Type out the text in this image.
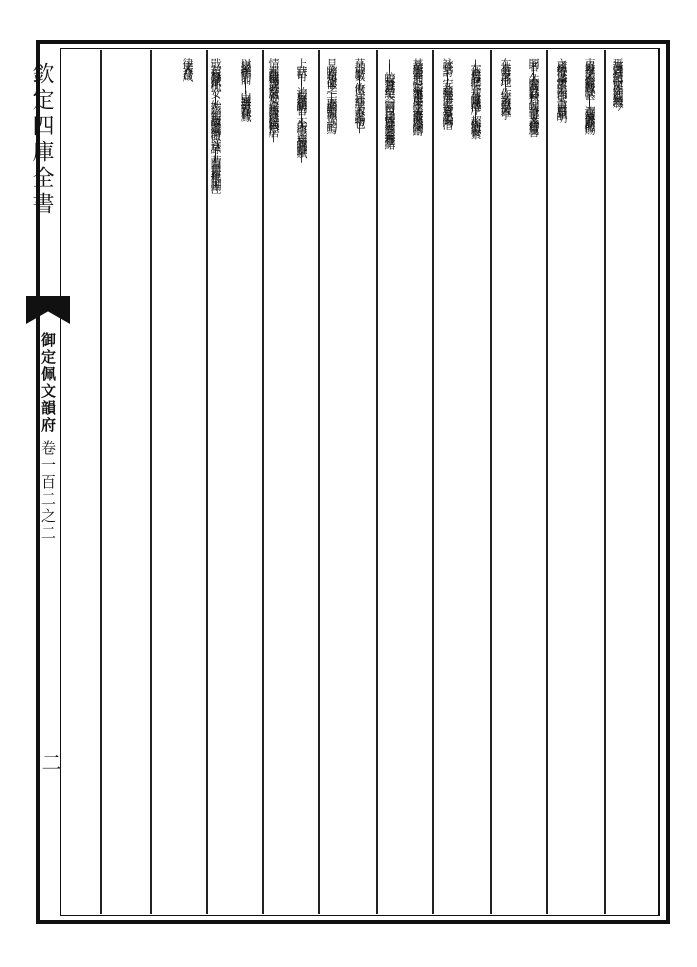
欽定四庫全書
御定佩文韻府
卷一百二之二
二
焉漢書宣帝紀詔曰文王作罰刑茲無赦今
吏脩身奉法未有能稱朕意朕甚|| 潤焉漢書嚴助傳賜
之廬勞侍從之事懷故土出為郡吏 書曰君厭承明
問者||久不聞問具以春秋對 魄焉晉書天文志會稽虞喜
在上有常安之形地| 作安天論以為天確乎
|在下有居靜之體 介焉晉書隱逸傳序||超俗浩然養素
詠貧士詩||安 藏聲江海之上卷迹囂氛之表陶潛
其業所樂非窮通 翳焉宋書禮志庠序之業或廢或興遂令陶鑄
|| 皎焉齊書高帝紀天之 闕日用之功民性靡素絲之益亹亹生緒
莫抽 歷數||攸徵 注焉莊子夫大壑之為物也|
見 瞻焉荀子徐偃王之 |而不滿酌焉而不竭 酌焉
上 狀目可|| 泊焉蔡邕釋誨明哲||不失所寧 邈焉晉明帝蟬賦|
情 漼焉陸機弔魏武帝文執姬女 儼焉陸雲逸民賦寂然尸居|
以顰瘁指季豹而|| 山立遵渚龍見在林鳳
戢 藐焉寡婦賦序孤 女||始孩 覿焉袁嶠之蘭亭詩微 音迭詠||若蘭 欝焉孔稚圭上刪注
律文表方岳咸
